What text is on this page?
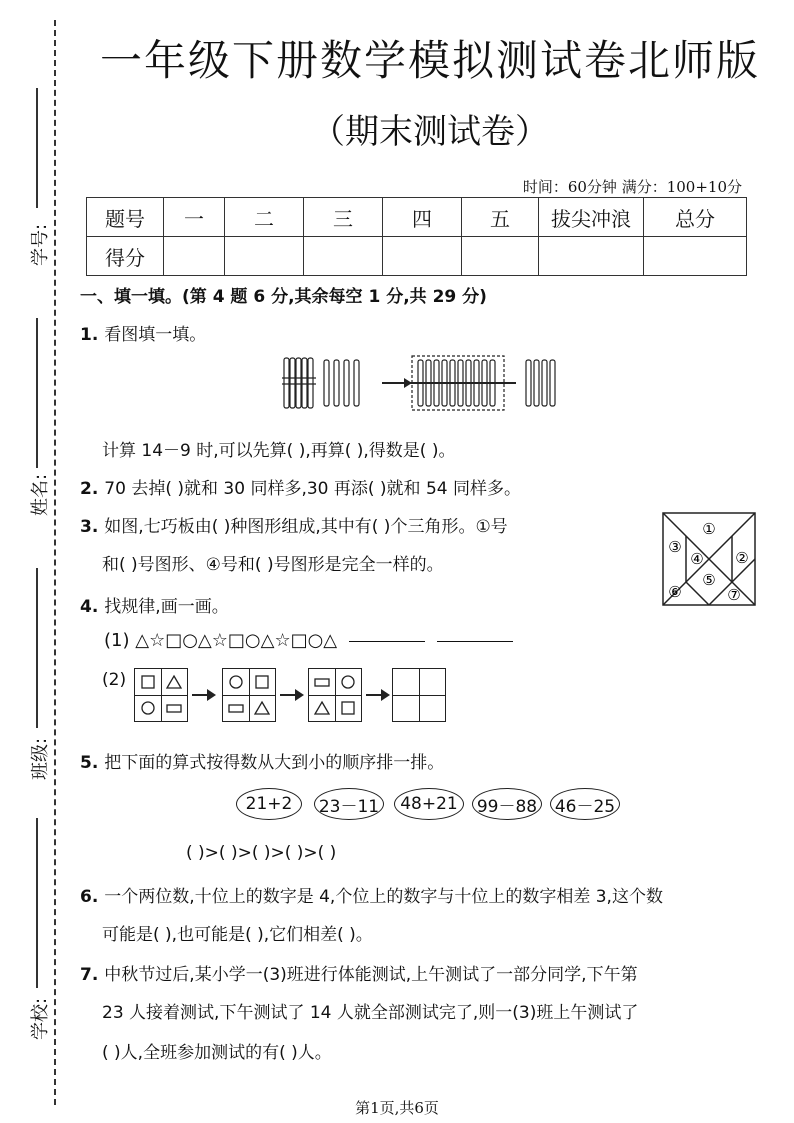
学号:
姓名:
班级:
学校:
一年级下册数学模拟测试卷北师版
（期末测试卷）
时间：60分钟 满分：100+10分
题号	一	二	三	四	五	拔尖冲浪	总分
得分							
一、填一填。(第 4 题 6 分,其余每空 1 分,共 29 分)
1. 看图填一填。
计算 14－9 时,可以先算( ),再算( ),得数是( )。
2. 70 去掉( )就和 30 同样多,30 再添( )就和 54 同样多。
3. 如图,七巧板由( )种图形组成,其中有( )个三角形。①号
和( )号图形、④号和( )号图形是完全一样的。
①
②
③
④
⑤
⑥	⑦
4. 找规律,画一画。
(1) △☆□○△☆□○△☆□○△
(2)
5. 把下面的算式按得数从大到小的顺序排一排。
21+2	23－11	48+21	99－88 46－25
( )>( )>( )>( )>( )
6. 一个两位数,十位上的数字是 4,个位上的数字与十位上的数字相差 3,这个数
可能是( ),也可能是( ),它们相差( )。
7. 中秋节过后,某小学一(3)班进行体能测试,上午测试了一部分同学,下午第
23 人接着测试,下午测试了 14 人就全部测试完了,则一(3)班上午测试了
( )人,全班参加测试的有( )人。
第1页,共6页
